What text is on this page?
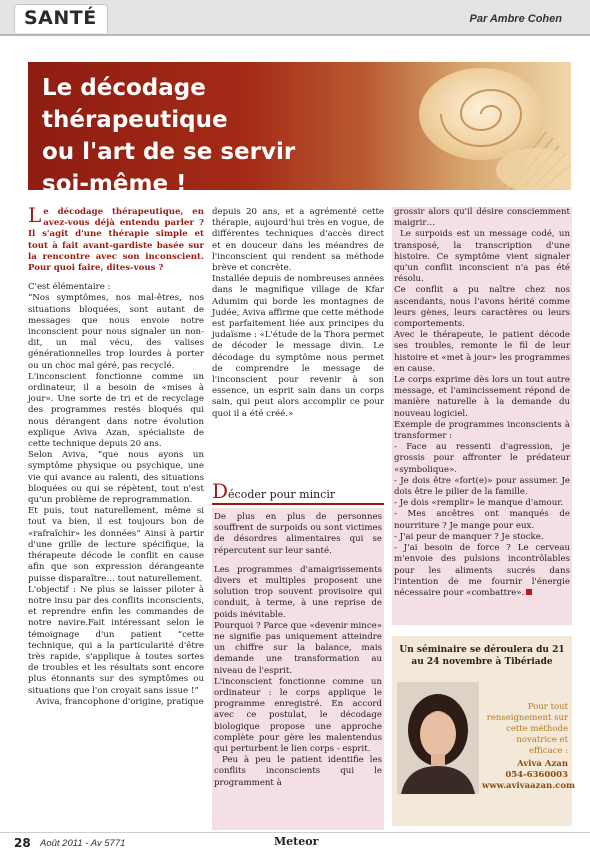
SANTÉ	Par Ambre Cohen
Le décodage thérapeutique
ou l'art de se servir
soi-même !

Le décodage thérapeutique, en avez-vous déjà entendu parler ? Il s'agit d'une thérapie simple et tout à fait avant-gardiste basée sur la rencontre avec son inconscient. Pour quoi faire, dites-vous ?

C'est élémentaire :

“Nos symptômes, nos mal-êtres, nos situations bloquées, sont autant de messages que nous envoie notre inconscient pour nous signaler un non-dit, un mal vécu, des valises générationnelles trop lourdes à porter ou un choc mal géré, pas recyclé.

L'inconscient fonctionne comme un ordinateur, il a besoin de «mises à jour». Une sorte de tri et de recyclage des programmes restés bloqués qui nous dérangent dans notre évolution explique Aviva Azan, spécialiste de cette technique depuis 20 ans.

Selon Aviva, “que nous ayons un symptôme physique ou psychique, une vie qui avance au ralenti, des situations bloquées ou qui se répètent, tout n'est qu'un problème de reprogrammation.

Et puis, tout naturellement, même si tout va bien, il est toujours bon de «rafraîchir» les données” Ainsi à partir d'une grille de lecture spécifique, la thérapeute décode le conflit en cause afin que son expression dérangeante puisse disparaître… tout naturellement.

L'objectif : Ne plus se laisser piloter à notre insu par des conflits inconscients, et reprendre enfin les commandes de notre navire.Fait intéressant selon le témoignage d'un patient “cette technique, qui a la particularité d'être très rapide, s'applique à toutes sortes de troubles et les résultats sont encore plus étonnants sur des symptômes ou situations que l'on croyait sans issue !”

Aviva, francophone d'origine, pratique

depuis 20 ans, et a agrémenté cette thérapie, aujourd'hui très en vogue, de différentes techniques d'accès direct et en douceur dans les méandres de l'inconscient qui rendent sa méthode brève et concrète.

Installée depuis de nombreuses années dans le magnifique village de Kfar Adumim qui borde les montagnes de Judée, Aviva affirme que cette méthode est parfaitement liée aux principes du judaïsme : «L'étude de la Thora permet de décoder le message divin. Le décodage du symptôme nous permet de comprendre le message de l'inconscient pour revenir à son essence, un esprit sain dans un corps sain, qui peut alors accomplir ce pour quoi il a été créé.»

Décoder pour mincir

De plus en plus de personnes souffrent de surpoids ou sont victimes de désordres alimentaires qui se répercutent sur leur santé.

Les programmes d'amaigrissements divers et multiples proposent une solution trop souvent provisoire qui conduit, à terme, à une reprise de poids inévitable.

Pourquoi ? Parce que «devenir mince» ne signifie pas uniquement atteindre un chiffre sur la balance, mais demande une transformation au niveau de l'esprit.

L'inconscient fonctionne comme un ordinateur : le corps applique le programme enregistré. En accord avec ce postulat, le décodage biologique propose une approche complète pour gère les malentendus qui perturbent le lien corps - esprit.

Peu à peu le patient identifie les conflits inconscients qui le programment à

grossir alors qu'il désire consciemment maigrir…

Le surpoids est un message codé, un transposé, la transcription d'une histoire. Ce symptôme vient signaler qu'un conflit inconscient n'a pas été résolu.

Ce conflit a pu naître chez nos ascendants, nous l'avons hérité comme leurs gènes, leurs caractères ou leurs comportements.

Avec le thérapeute, le patient décode ses troubles, remonte le fil de leur histoire et «met à jour» les programmes en cause.

Le corps exprime dès lors un tout autre message, et l'amincissement répond de manière naturelle à la demande du nouveau logiciel.

Exemple de programmes inconscients à transformer :

- Face au ressenti d'agression, je grossis pour affronter le prédateur «symbolique».

- Je dois être «fort(e)» pour assumer. Je dois être le pilier de la famille.

- Je dois «remplir» le manque d'amour.

- Mes ancêtres ont manqués de nourriture ? Je mange pour eux.

- J'ai peur de manquer ? Je stocke.

- J'ai besoin de force ? Le cerveau m'envoie des pulsions incontrôlables pour les aliments sucrés dans l'intention de me fournir l'énergie nécessaire pour «combattre».

Un séminaire se déroulera du 21 au 24 novembre à Tibériade
Pour tout renseignement sur cette méthode novatrice et efficace :
Aviva Azan
054-6360003
www.avivaazan.com
28 Août 2011 - Av 5771	Meteor
